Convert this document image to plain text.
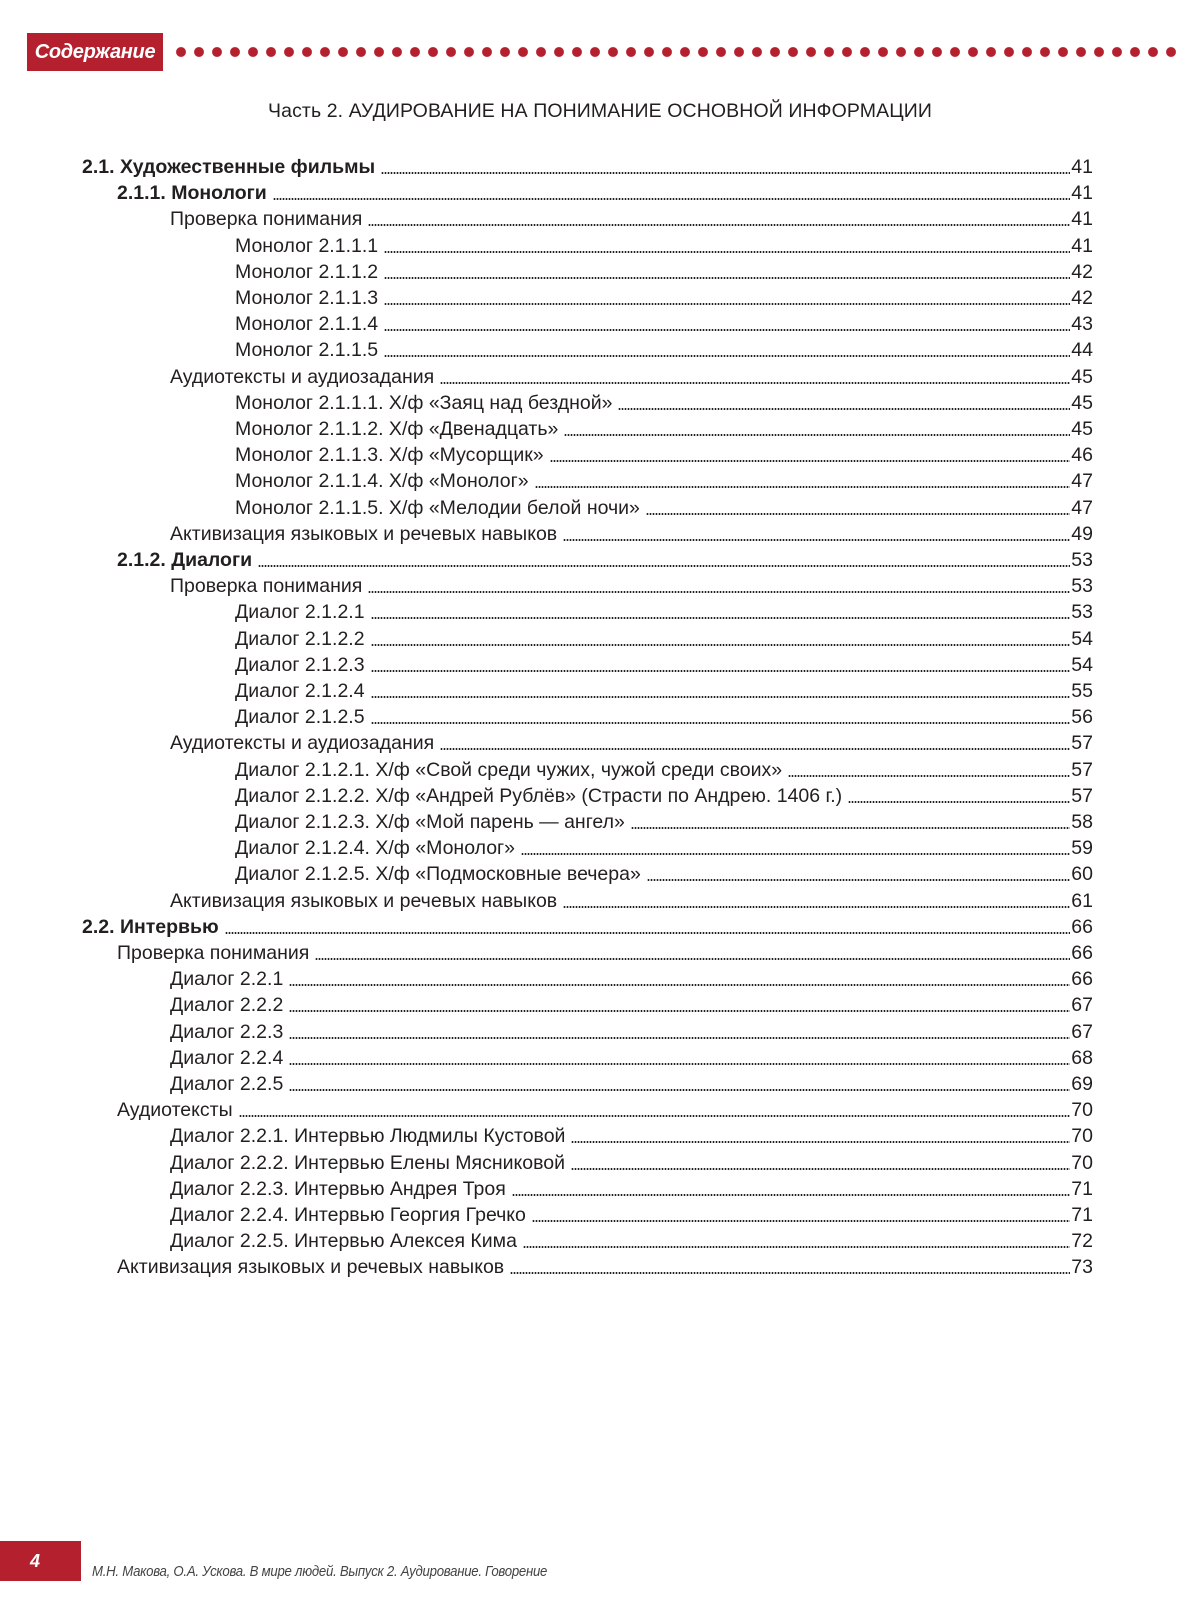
Содержание
Часть 2. АУДИРОВАНИЕ НА ПОНИМАНИЕ ОСНОВНОЙ ИНФОРМАЦИИ
2.1. Художественные фильмы	41
2.1.1. Монологи	41
Проверка понимания	41
Монолог 2.1.1.1	41
Монолог 2.1.1.2	42
Монолог 2.1.1.3	42
Монолог 2.1.1.4	43
Монолог 2.1.1.5	44
Аудиотексты и аудиозадания	45
Монолог 2.1.1.1. Х/ф «Заяц над бездной»	45
Монолог 2.1.1.2. Х/ф «Двенадцать»	45
Монолог 2.1.1.3. Х/ф «Мусорщик»	46
Монолог 2.1.1.4. Х/ф «Монолог»	47
Монолог 2.1.1.5. Х/ф «Мелодии белой ночи»	47
Активизация языковых и речевых навыков	49
2.1.2. Диалоги	53
Проверка понимания	53
Диалог 2.1.2.1	53
Диалог 2.1.2.2	54
Диалог 2.1.2.3	54
Диалог 2.1.2.4	55
Диалог 2.1.2.5	56
Аудиотексты и аудиозадания	57
Диалог 2.1.2.1. Х/ф «Свой среди чужих, чужой среди своих»	57
Диалог 2.1.2.2. Х/ф «Андрей Рублёв» (Страсти по Андрею. 1406 г.)	57
Диалог 2.1.2.3. Х/ф «Мой парень — ангел»	58
Диалог 2.1.2.4. Х/ф «Монолог»	59
Диалог 2.1.2.5. Х/ф «Подмосковные вечера»	60
Активизация языковых и речевых навыков	61
2.2. Интервью	66
Проверка понимания	66
Диалог 2.2.1	66
Диалог 2.2.2	67
Диалог 2.2.3	67
Диалог 2.2.4	68
Диалог 2.2.5	69
Аудиотексты	70
Диалог 2.2.1. Интервью Людмилы Кустовой	70
Диалог 2.2.2. Интервью Елены Мясниковой	70
Диалог 2.2.3. Интервью Андрея Троя	71
Диалог 2.2.4. Интервью Георгия Гречко	71
Диалог 2.2.5. Интервью Алексея Кима	72
Активизация языковых и речевых навыков	73
4
М.Н. Макова, О.А. Ускова. В мире людей. Выпуск 2. Аудирование. Говорение
